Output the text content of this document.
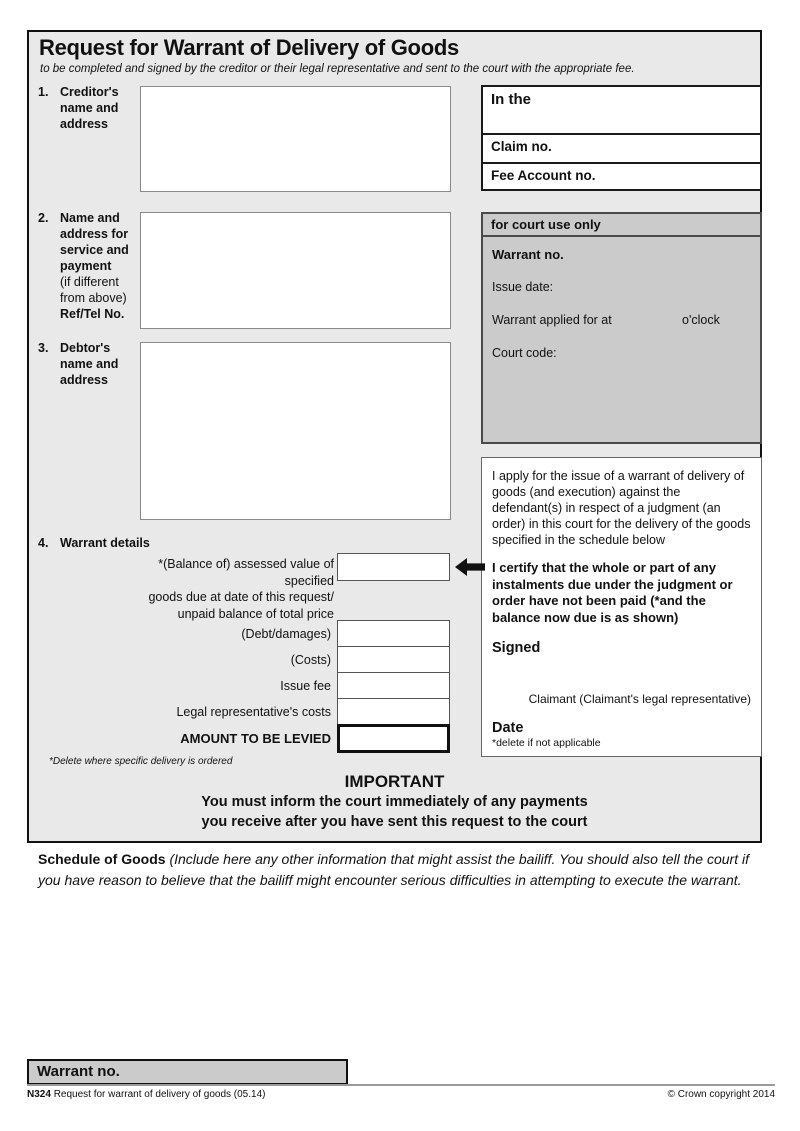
Request for Warrant of Delivery of Goods
to be completed and signed by the creditor or their legal representative and sent to the court with the appropriate fee.
1. Creditor's name and address
In the
Claim no.
Fee Account no.
2. Name and address for service and payment
(if different from above)
Ref/Tel No.
for court use only
Warrant no.
Issue date:
Warrant applied for at	o'clock
Court code:
3. Debtor's name and address
I apply for the issue of a warrant of delivery of goods (and execution) against the defendant(s) in respect of a judgment (an order) in this court for the delivery of the goods specified in the schedule below
I certify that the whole or part of any instalments due under the judgment or order have not been paid (*and the balance now due is as shown)
Signed
Claimant (Claimant's legal representative)
Date
*delete if not applicable
4. Warrant details
*(Balance of) assessed value of specified
goods due at date of this request/
unpaid balance of total price
(Debt/damages)
(Costs)
Issue fee
Legal representative's costs
AMOUNT TO BE LEVIED
*Delete where specific delivery is ordered
IMPORTANT
You must inform the court immediately of any payments
you receive after you have sent this request to the court
Schedule of Goods (Include here any other information that might assist the bailiff. You should also tell the court if you have reason to believe that the bailiff might encounter serious difficulties in attempting to execute the warrant.
Warrant no.
N324 Request for warrant of delivery of goods (05.14)	© Crown copyright 2014
